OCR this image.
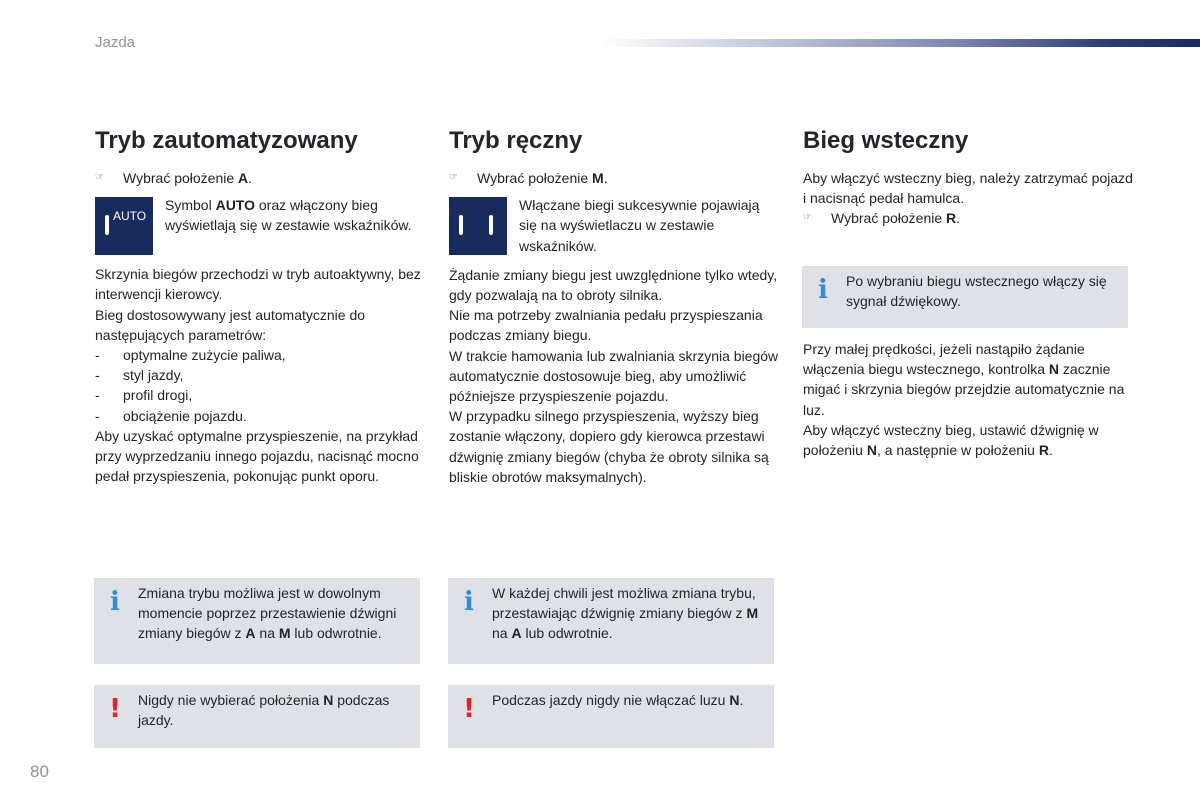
Jazda
Tryb zautomatyzowany
☞ Wybrać położenie A.
AUTO
Symbol AUTO oraz włączony bieg wyświetlają się w zestawie wskaźników.
Skrzynia biegów przechodzi w tryb autoaktywny, bez interwencji kierowcy.
Bieg dostosowywany jest automatycznie do następujących parametrów:
- optymalne zużycie paliwa,
- styl jazdy,
- profil drogi,
- obciążenie pojazdu.
Aby uzyskać optymalne przyspieszenie, na przykład przy wyprzedzaniu innego pojazdu, nacisnąć mocno pedał przyspieszenia, pokonując punkt oporu.
i Zmiana trybu możliwa jest w dowolnym momencie poprzez przestawienie dźwigni zmiany biegów z A na M lub odwrotnie.
! Nigdy nie wybierać położenia N podczas jazdy.
Tryb ręczny
☞ Wybrać położenie M.
Włączane biegi sukcesywnie pojawiają się na wyświetlaczu w zestawie wskaźników.
Żądanie zmiany biegu jest uwzględnione tylko wtedy, gdy pozwalają na to obroty silnika.
Nie ma potrzeby zwalniania pedału przyspieszania podczas zmiany biegu.
W trakcie hamowania lub zwalniania skrzynia biegów automatycznie dostosowuje bieg, aby umożliwić późniejsze przyspieszenie pojazdu.
W przypadku silnego przyspieszenia, wyższy bieg zostanie włączony, dopiero gdy kierowca przestawi dźwignię zmiany biegów (chyba że obroty silnika są bliskie obrotów maksymalnych).
i W każdej chwili jest możliwa zmiana trybu, przestawiając dźwignię zmiany biegów z M na A lub odwrotnie.
! Podczas jazdy nigdy nie włączać luzu N.
Bieg wsteczny
Aby włączyć wsteczny bieg, należy zatrzymać pojazd i nacisnąć pedał hamulca.
☞ Wybrać położenie R.
i Po wybraniu biegu wstecznego włączy się sygnał dźwiękowy.
Przy małej prędkości, jeżeli nastąpiło żądanie włączenia biegu wstecznego, kontrolka N zacznie migać i skrzynia biegów przejdzie automatycznie na luz.
Aby włączyć wsteczny bieg, ustawić dźwignię w położeniu N, a następnie w położeniu R.
80
